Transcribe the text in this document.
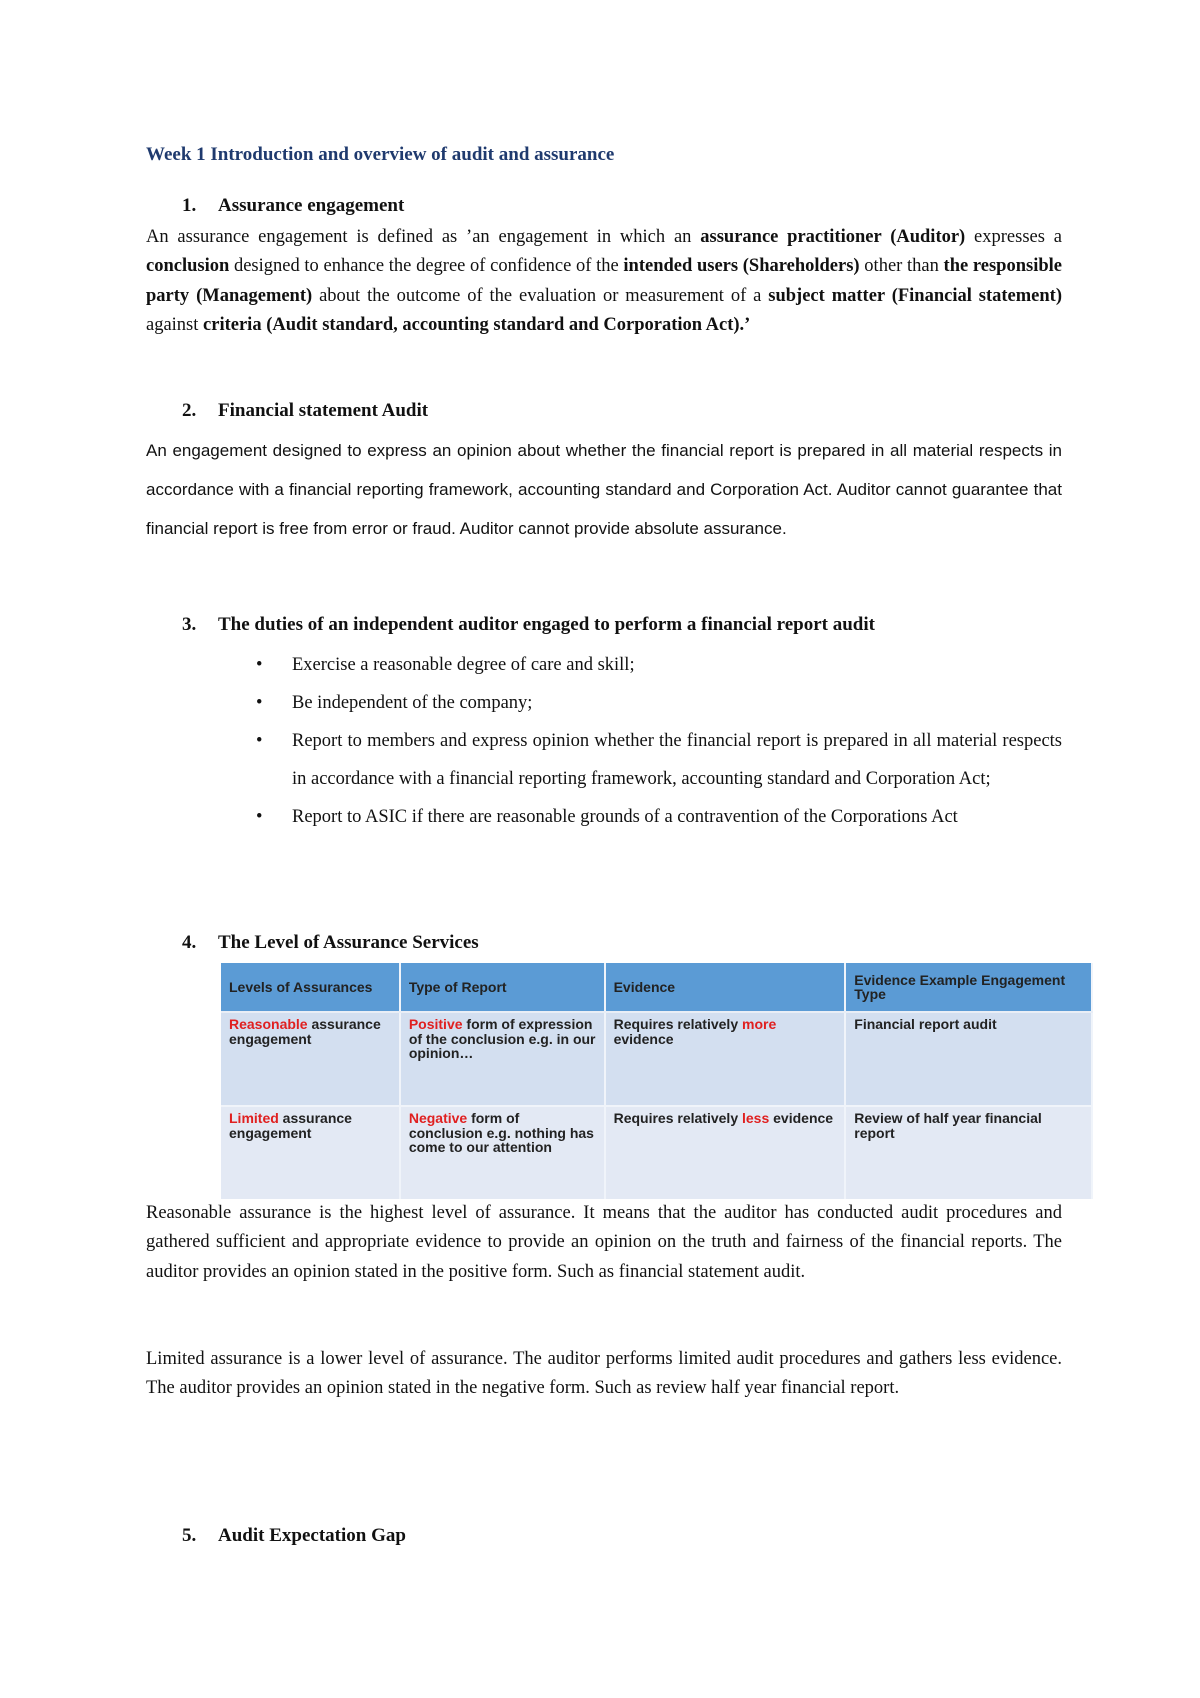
Week 1 Introduction and overview of audit and assurance
1. Assurance engagement
An assurance engagement is defined as ’an engagement in which an assurance practitioner (Auditor) expresses a conclusion designed to enhance the degree of confidence of the intended users (Shareholders) other than the responsible party (Management) about the outcome of the evaluation or measurement of a subject matter (Financial statement) against criteria (Audit standard, accounting standard and Corporation Act).’
2. Financial statement Audit
An engagement designed to express an opinion about whether the financial report is prepared in all material respects in accordance with a financial reporting framework, accounting standard and Corporation Act. Auditor cannot guarantee that financial report is free from error or fraud. Auditor cannot provide absolute assurance.
3. The duties of an independent auditor engaged to perform a financial report audit
• Exercise a reasonable degree of care and skill;
• Be independent of the company;
• Report to members and express opinion whether the financial report is prepared in all material respects in accordance with a financial reporting framework, accounting standard and Corporation Act;
• Report to ASIC if there are reasonable grounds of a contravention of the Corporations Act
4. The Level of Assurance Services
Levels of Assurances	Type of Report	Evidence	Evidence Example Engagement Type
Reasonable assurance engagement	Positive form of expression of the conclusion e.g. in our opinion…	Requires relatively more evidence	Financial report audit
Limited assurance engagement	Negative form of conclusion e.g. nothing has come to our attention	Requires relatively less evidence	Review of half year financial report
Reasonable assurance is the highest level of assurance. It means that the auditor has conducted audit procedures and gathered sufficient and appropriate evidence to provide an opinion on the truth and fairness of the financial reports. The auditor provides an opinion stated in the positive form. Such as financial statement audit.
Limited assurance is a lower level of assurance. The auditor performs limited audit procedures and gathers less evidence. The auditor provides an opinion stated in the negative form. Such as review half year financial report.
5. Audit Expectation Gap
